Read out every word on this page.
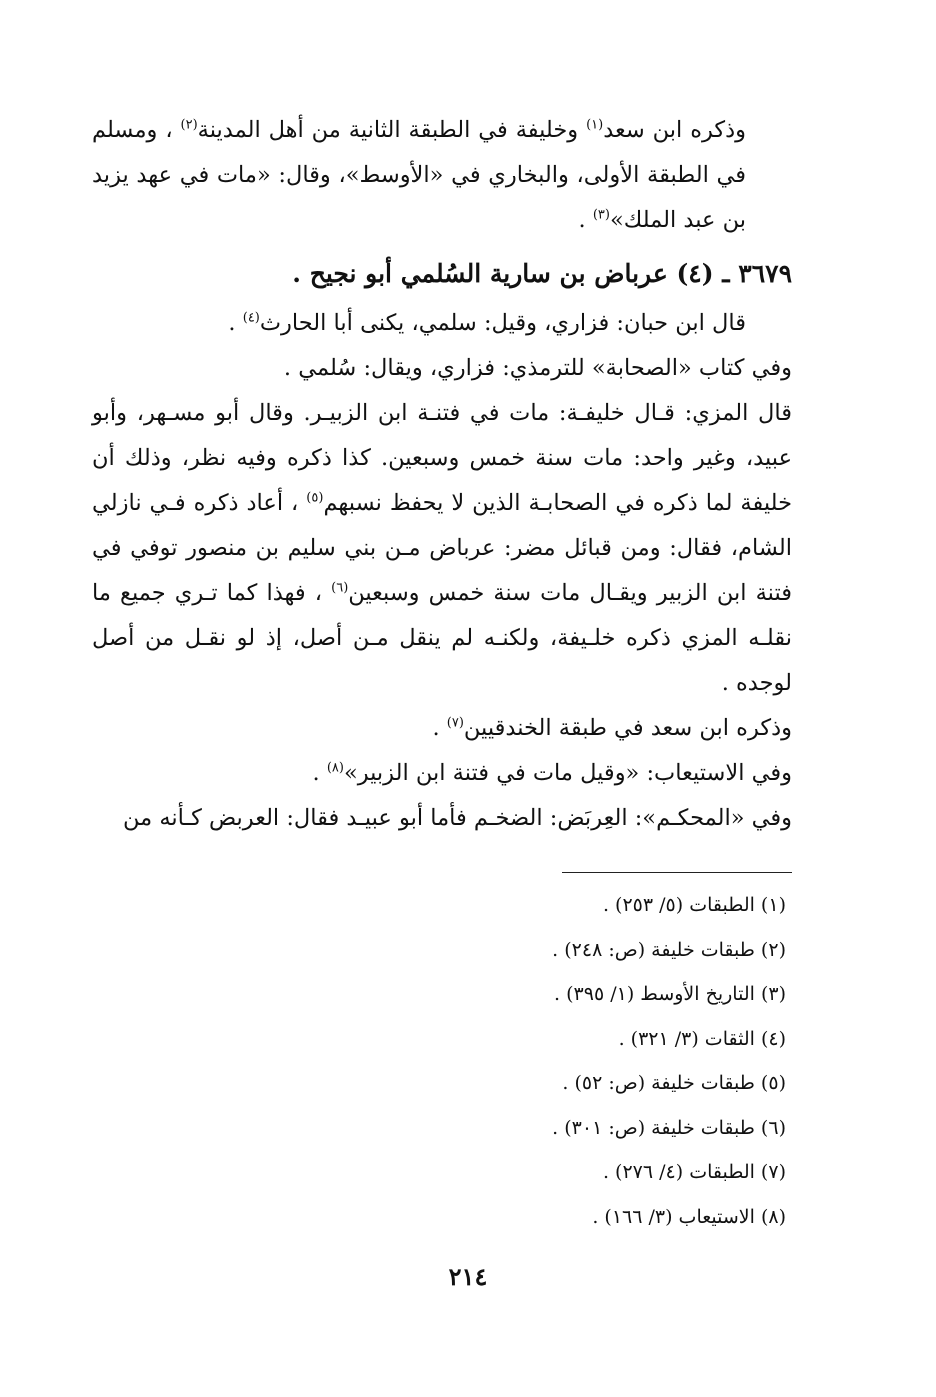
وذكره ابن سعد$^{(١)}$ وخليفة في الطبقة الثانية من أهل المدينة$^{(٢)}$ ، ومسلم في الطبقة الأولى، والبخاري في «الأوسط»، وقال: «مات في عهد يزيد بن عبد الملك»$^{(٣)}$ .

٣٦٧٩ ـ (٤) عرباض بن سارية السُلمي أبو نجيح .

قال ابن حبان: فزاري، وقيل: سلمي، يكنى أبا الحارث$^{(٤)}$ .

وفي كتاب «الصحابة» للترمذي: فزاري، ويقال: سُلمي .

قال المزي: قـال خليفـة: مات في فتنـة ابن الزبيـر. وقال أبو مسـهر، وأبو عبيد، وغير واحد: مات سنة خمس وسبعين. كذا ذكره وفيه نظر، وذلك أن خليفة لما ذكره في الصحابـة الذين لا يحفظ نسبهم$^{(٥)}$ ، أعاد ذكره فـي نازلي الشام، فقال: ومن قبائل مضر: عرباض مـن بني سليم بن منصور توفي في فتنة ابن الزبير ويقـال مات سنة خمس وسبعين$^{(٦)}$ ، فهذا كما تـري جميع ما نقلـه المزي ذكره خلـيفة، ولكنـه لم ينقل مـن أصل، إذ لو نقـل من أصل لوجده .

وذكره ابن سعد في طبقة الخندقيين$^{(٧)}$ .

وفي الاستيعاب: «وقيل مات في فتنة ابن الزبير»$^{(٨)}$ .

وفي «المحكـم»: العِربَض: الضخـم فأما أبو عبيـد فقال: العربض كـأنه من

(١) الطبقات (٥/ ٢٥٣) .
(٢) طبقات خليفة (ص: ٢٤٨) .
(٣) التاريخ الأوسط (١/ ٣٩٥) .
(٤) الثقات (٣/ ٣٢١) .
(٥) طبقات خليفة (ص: ٥٢) .
(٦) طبقات خليفة (ص: ٣٠١) .
(٧) الطبقات (٤/ ٢٧٦) .
(٨) الاستيعاب (٣/ ١٦٦) .
٢١٤
